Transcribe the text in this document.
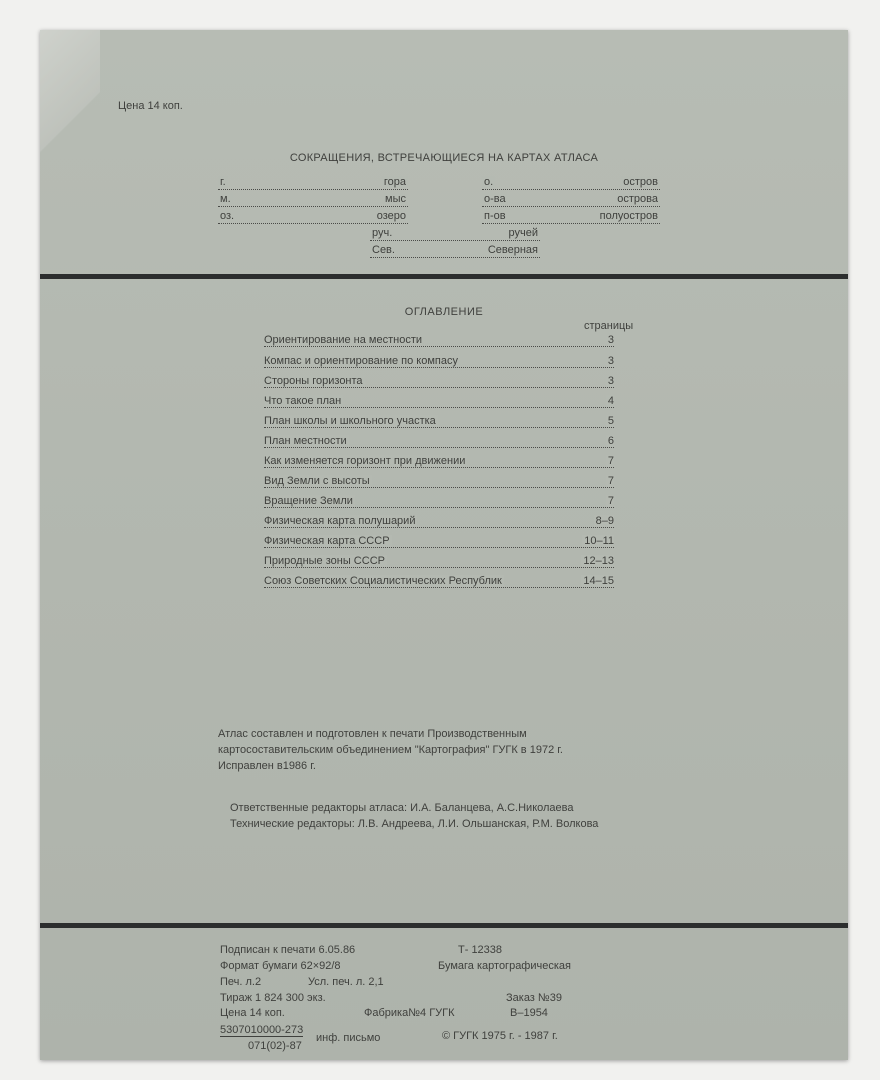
Цена 14 коп.
СОКРАЩЕНИЯ, ВСТРЕЧАЮЩИЕСЯ НА КАРТАХ АТЛАСА
г.	гора
м.	мыс
оз.	озеро
руч.	ручей
Сев.	Северная
о.	остров
о-ва	острова
п-ов	полуостров
ОГЛАВЛЕНИЕ
страницы
Ориентирование на местности	3
Компас и ориентирование по компасу	3
Стороны горизонта	3
Что такое план	4
План школы и школьного участка	5
План местности	6
Как изменяется горизонт при движении	7
Вид Земли с высоты	7
Вращение Земли	7
Физическая карта полушарий	8–9
Физическая карта СССР	10–11
Природные зоны СССР	12–13
Союз Советских Социалистических Республик	14–15
Атлас составлен и подготовлен к печати Производственным
картосоставительским объединением "Картография" ГУГК в 1972 г.
Исправлен в1986 г.
Ответственные редакторы атласа: И.А. Баланцева, А.С.Николаева
Технические редакторы: Л.В. Андреева, Л.И. Ольшанская, Р.М. Волкова
Подписан к печати 6.05.86	Т- 12338
Формат бумаги 62×92/8	Бумага картографическая
Печ. л.2	Усл. печ. л. 2,1
Тираж 1 824 300 экз.	Заказ №39
Цена 14 коп.	Фабрика№4 ГУГК	В–1954
5307010000-273
071(02)-87
инф. письмо	© ГУГК 1975 г. - 1987 г.
